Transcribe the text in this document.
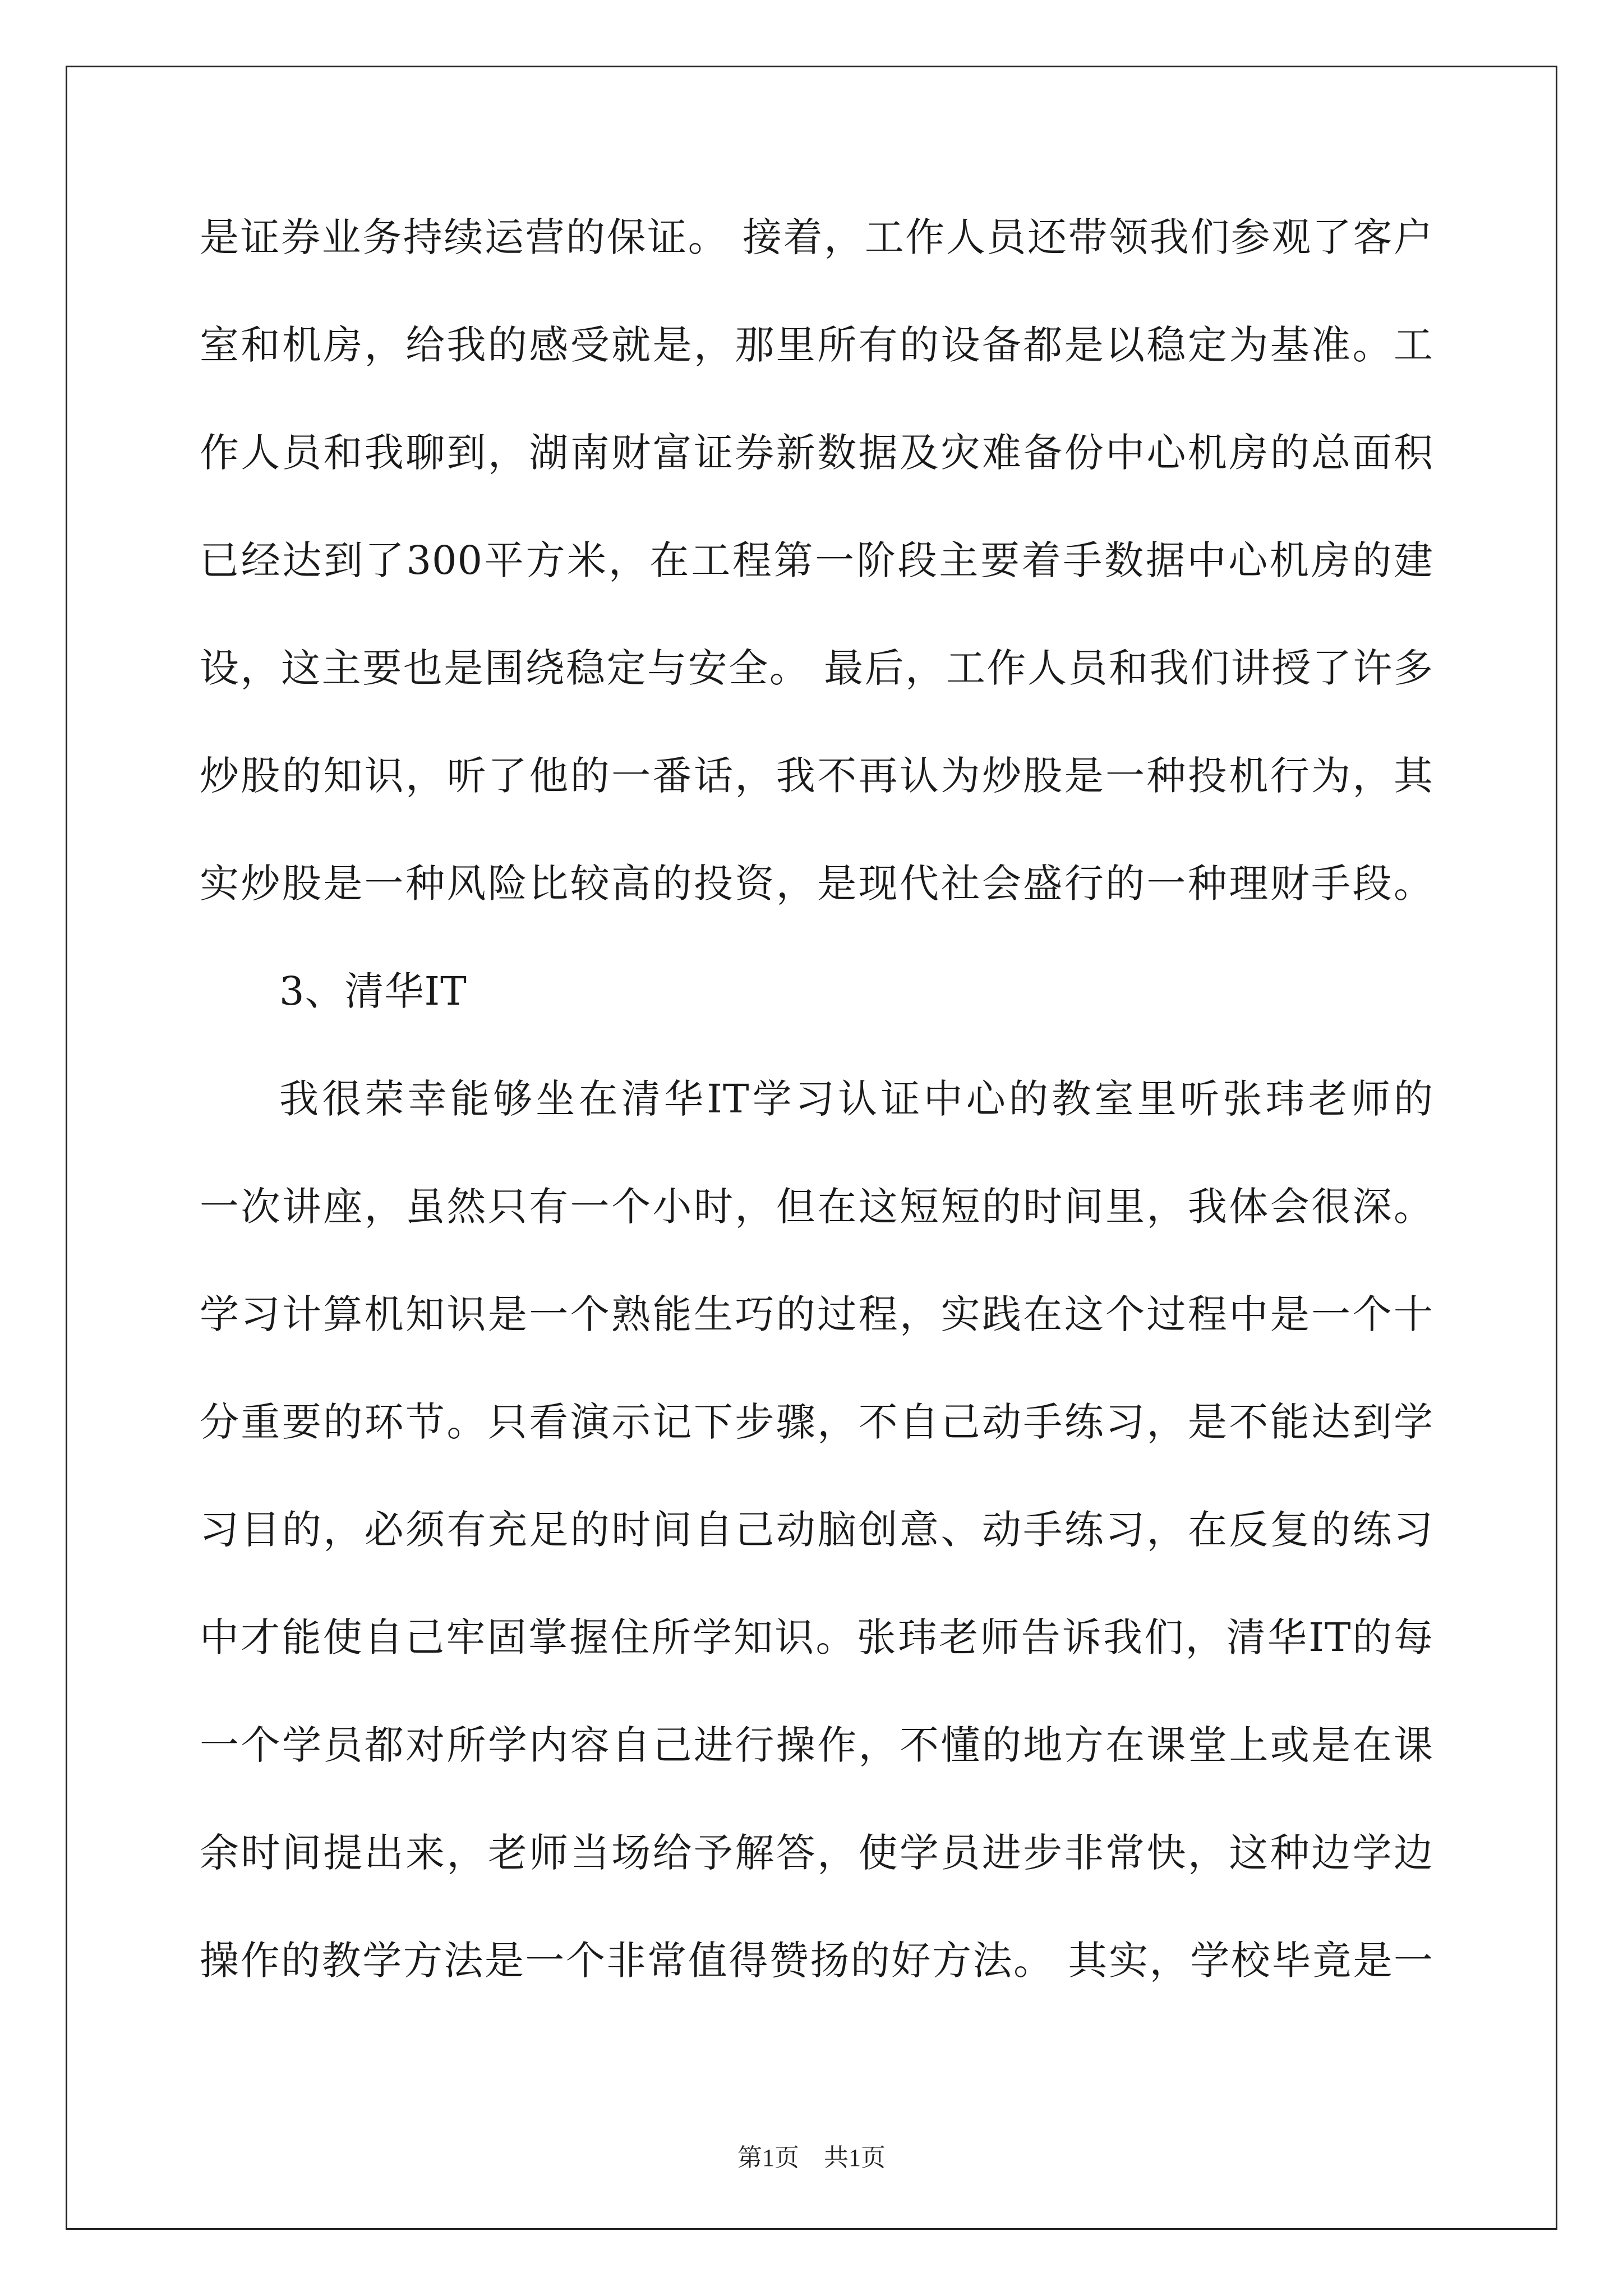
是证券业务持续运营的保证。 接着，工作人员还带领我们参观了客户
室和机房，给我的感受就是，那里所有的设备都是以稳定为基准。工
作人员和我聊到，湖南财富证券新数据及灾难备份中心机房的总面积
已经达到了300平方米，在工程第一阶段主要着手数据中心机房的建
设，这主要也是围绕稳定与安全。 最后，工作人员和我们讲授了许多
炒股的知识，听了他的一番话，我不再认为炒股是一种投机行为，其
实炒股是一种风险比较高的投资，是现代社会盛行的一种理财手段。
3、清华IT
我很荣幸能够坐在清华IT学习认证中心的教室里听张玮老师的
一次讲座，虽然只有一个小时，但在这短短的时间里，我体会很深。
学习计算机知识是一个熟能生巧的过程，实践在这个过程中是一个十
分重要的环节。只看演示记下步骤，不自己动手练习，是不能达到学
习目的，必须有充足的时间自己动脑创意、动手练习，在反复的练习
中才能使自己牢固掌握住所学知识。张玮老师告诉我们，清华IT的每
一个学员都对所学内容自己进行操作，不懂的地方在课堂上或是在课
余时间提出来，老师当场给予解答，使学员进步非常快，这种边学边
操作的教学方法是一个非常值得赞扬的好方法。 其实，学校毕竟是一
第1页 共1页
